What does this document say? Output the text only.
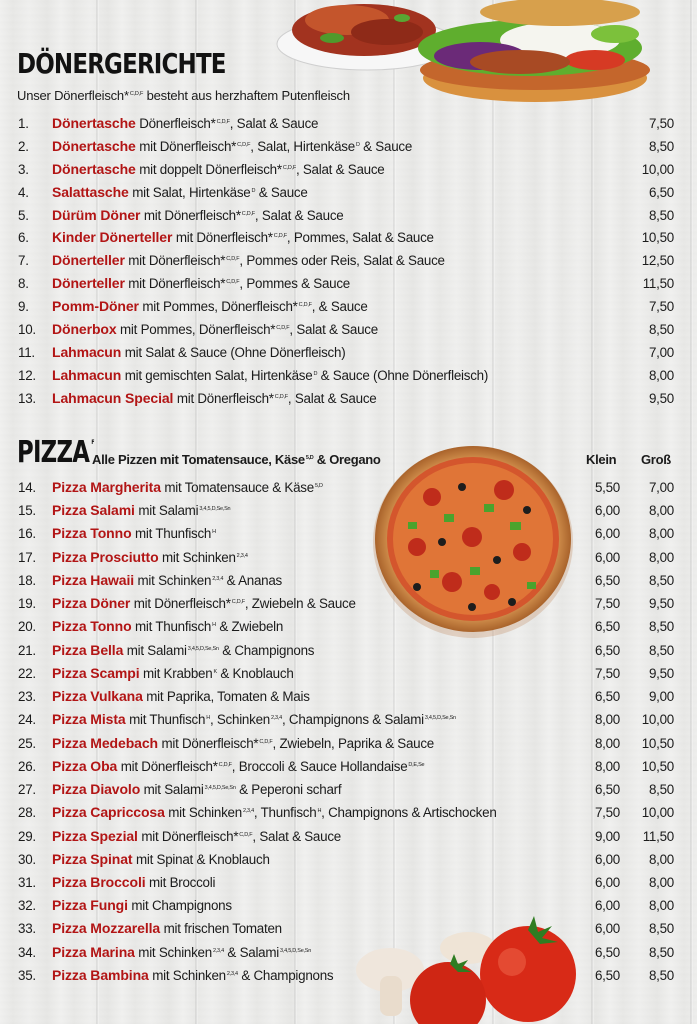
DÖNERGERICHTE
Unser Dönerfleisch*$^{C,D,F}$ besteht aus herzhaftem Putenfleisch
1. Dönertasche Dönerfleisch*$^{C,D,F}$, Salat & Sauce	7,50
2. Dönertasche mit Dönerfleisch*$^{C,D,F}$, Salat, Hirtenkäse$^D$ & Sauce	8,50
3. Dönertasche mit doppelt Dönerfleisch*$^{C,D,F}$, Salat & Sauce	10,00
4. Salattasche mit Salat, Hirtenkäse$^D$ & Sauce	6,50
5. Dürüm Döner mit Dönerfleisch*$^{C,D,F}$, Salat & Sauce	8,50
6. Kinder Dönerteller mit Dönerfleisch*$^{C,D,F}$, Pommes, Salat & Sauce	10,50
7. Dönerteller mit Dönerfleisch*$^{C,D,F}$, Pommes oder Reis, Salat & Sauce	12,50
8. Dönerteller mit Dönerfleisch*$^{C,D,F}$, Pommes & Sauce	11,50
9. Pomm-Döner mit Pommes, Dönerfleisch*$^{C,D,F}$, & Sauce	7,50
10. Dönerbox mit Pommes, Dönerfleisch*$^{C,D,F}$, Salat & Sauce	8,50
11. Lahmacun mit Salat & Sauce (Ohne Dönerfleisch)	7,00
12. Lahmacun mit gemischten Salat, Hirtenkäse$^D$ & Sauce (Ohne Dönerfleisch)	8,00
13. Lahmacun Special mit Dönerfleisch*$^{C,D,F}$, Salat & Sauce	9,50
PIZZA $^F$
Alle Pizzen mit Tomatensauce, Käse$^{5,D}$ & Oregano	Klein Groß
14. Pizza Margherita mit Tomatensauce & Käse$^{5,D}$	5,50 7,00
15. Pizza Salami mit Salami$^{3,4,5,D,Se,Sn}$	6,00 8,00
16. Pizza Tonno mit Thunfisch$^H$	6,00 8,00
17. Pizza Prosciutto mit Schinken$^{2,3,4}$	6,00 8,00
18. Pizza Hawaii mit Schinken$^{2,3,4}$ & Ananas	6,50 8,50
19. Pizza Döner mit Dönerfleisch*$^{C,D,F}$, Zwiebeln & Sauce	7,50 9,50
20. Pizza Tonno mit Thunfisch$^H$ & Zwiebeln	6,50 8,50
21. Pizza Bella mit Salami$^{3,4,5,D,Se,Sn}$ & Champignons	6,50 8,50
22. Pizza Scampi mit Krabben$^K$ & Knoblauch	7,50 9,50
23. Pizza Vulkana mit Paprika, Tomaten & Mais	6,50 9,00
24. Pizza Mista mit Thunfisch$^H$, Schinken$^{2,3,4}$, Champignons & Salami$^{3,4,5,D,Se,Sn}$	8,00 10,00
25. Pizza Medebach mit Dönerfleisch*$^{C,D,F}$, Zwiebeln, Paprika & Sauce	8,00 10,50
26. Pizza Oba mit Dönerfleisch*$^{C,D,F}$, Broccoli & Sauce Hollandaise$^{D,E,Se}$	8,00 10,50
27. Pizza Diavolo mit Salami$^{3,4,5,D,Se,Sn}$ & Peperoni scharf	6,50 8,50
28. Pizza Capriccosa mit Schinken$^{2,3,4}$, Thunfisch$^H$, Champignons & Artischocken	7,50 10,00
29. Pizza Spezial mit Dönerfleisch*$^{C,D,F}$, Salat & Sauce	9,00 11,50
30. Pizza Spinat mit Spinat & Knoblauch	6,00 8,00
31. Pizza Broccoli mit Broccoli	6,00 8,00
32. Pizza Fungi mit Champignons	6,00 8,00
33. Pizza Mozzarella mit frischen Tomaten	6,00 8,50
34. Pizza Marina mit Schinken$^{2,3,4}$ & Salami$^{3,4,5,D,Se,Sn}$	6,50 8,50
35. Pizza Bambina mit Schinken$^{2,3,4}$ & Champignons	6,50 8,50
